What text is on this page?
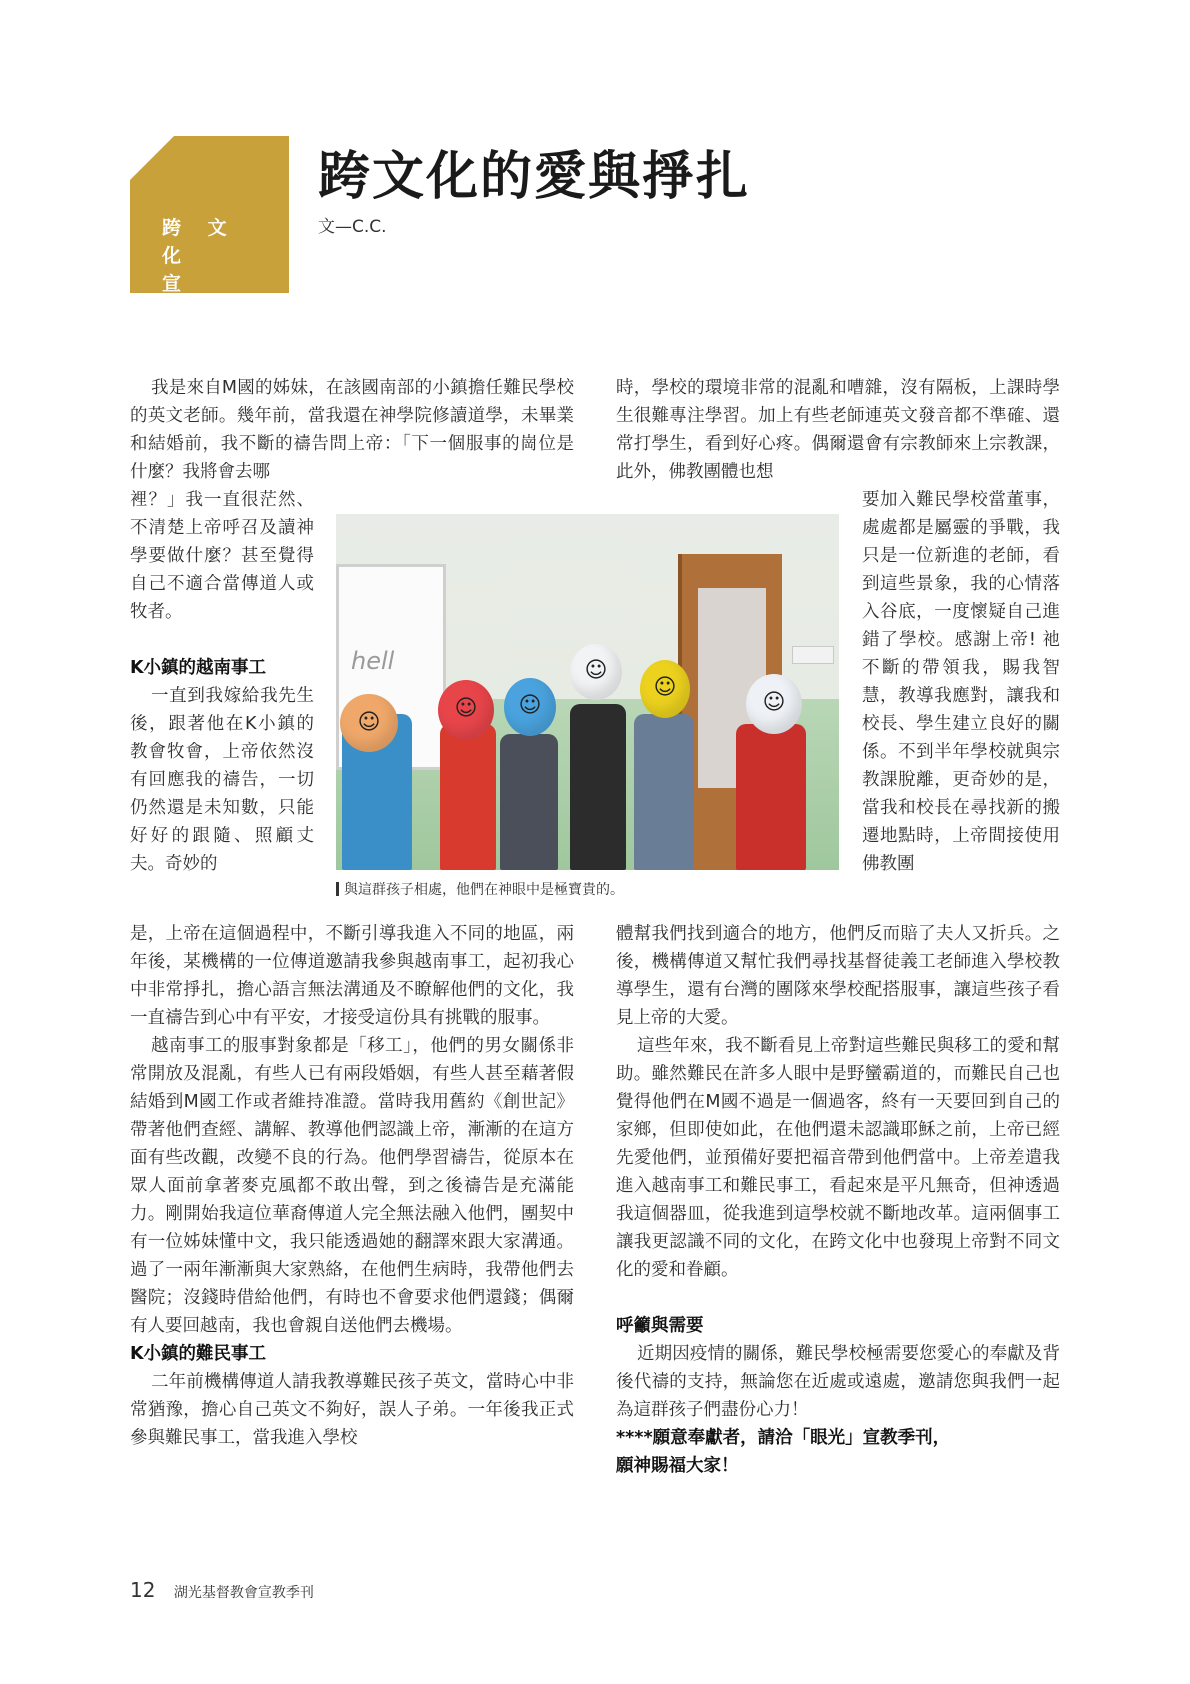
跨 文 化
宣　 教
跨文化的愛與掙扎
文—C.C.

我是來自M國的姊妹，在該國南部的小鎮擔任難民學校的英文老師。幾年前，當我還在神學院修讀道學，未畢業和結婚前，我不斷的禱告問上帝：「下一個服事的崗位是什麼？我將會去哪

裡？」我一直很茫然、不清楚上帝呼召及讀神學要做什麼？甚至覺得自己不適合當傳道人或牧者。

K小鎮的越南事工

一直到我嫁給我先生後，跟著他在K小鎮的教會牧會，上帝依然沒有回應我的禱告，一切仍然還是未知數，只能好好的跟隨、照顧丈夫。奇妙的

是，上帝在這個過程中，不斷引導我進入不同的地區，兩年後，某機構的一位傳道邀請我參與越南事工，起初我心中非常掙扎，擔心語言無法溝通及不瞭解他們的文化，我一直禱告到心中有平安，才接受這份具有挑戰的服事。

越南事工的服事對象都是「移工」，他們的男女關係非常開放及混亂，有些人已有兩段婚姻，有些人甚至藉著假結婚到M國工作或者維持准證。當時我用舊約《創世記》帶著他們查經、講解、教導他們認識上帝，漸漸的在這方面有些改觀，改變不良的行為。他們學習禱告，從原本在眾人面前拿著麥克風都不敢出聲，到之後禱告是充滿能力。剛開始我這位華裔傳道人完全無法融入他們，團契中有一位姊妹懂中文，我只能透過她的翻譯來跟大家溝通。過了一兩年漸漸與大家熟絡，在他們生病時，我帶他們去醫院；沒錢時借給他們，有時也不會要求他們還錢；偶爾有人要回越南，我也會親自送他們去機場。

K小鎮的難民事工

二年前機構傳道人請我教導難民孩子英文，當時心中非常猶豫，擔心自己英文不夠好，誤人子弟。一年後我正式參與難民事工，當我進入學校

時，學校的環境非常的混亂和嘈雜，沒有隔板，上課時學生很難專注學習。加上有些老師連英文發音都不準確、還常打學生，看到好心疼。偶爾還會有宗教師來上宗教課，此外，佛教團體也想

要加入難民學校當董事，處處都是屬靈的爭戰，我只是一位新進的老師，看到這些景象，我的心情落入谷底，一度懷疑自己進錯了學校。感謝上帝! 祂不斷的帶領我，賜我智慧，教導我應對，讓我和校長、學生建立良好的關係。不到半年學校就與宗教課脫離，更奇妙的是，當我和校長在尋找新的搬遷地點時，上帝間接使用佛教團

體幫我們找到適合的地方，他們反而賠了夫人又折兵。之後，機構傳道又幫忙我們尋找基督徒義工老師進入學校教導學生，還有台灣的團隊來學校配搭服事，讓這些孩子看見上帝的大愛。

這些年來，我不斷看見上帝對這些難民與移工的愛和幫助。雖然難民在許多人眼中是野蠻霸道的，而難民自己也覺得他們在M國不過是一個過客，終有一天要回到自己的家鄉，但即使如此，在他們還未認識耶穌之前，上帝已經先愛他們，並預備好要把福音帶到他們當中。上帝差遣我進入越南事工和難民事工，看起來是平凡無奇，但神透過我這個器皿，從我進到這學校就不斷地改革。這兩個事工讓我更認識不同的文化，在跨文化中也發現上帝對不同文化的愛和眷顧。

呼籲與需要

近期因疫情的關係，難民學校極需要您愛心的奉獻及背後代禱的支持，無論您在近處或遠處，邀請您與我們一起為這群孩子們盡份心力！

****願意奉獻者，請洽「眼光」宣教季刊，
願神賜福大家！
hell
☺
☺	☺
☺
☺
☺
與這群孩子相處，他們在神眼中是極寶貴的。
12 湖光基督教會宣教季刊
